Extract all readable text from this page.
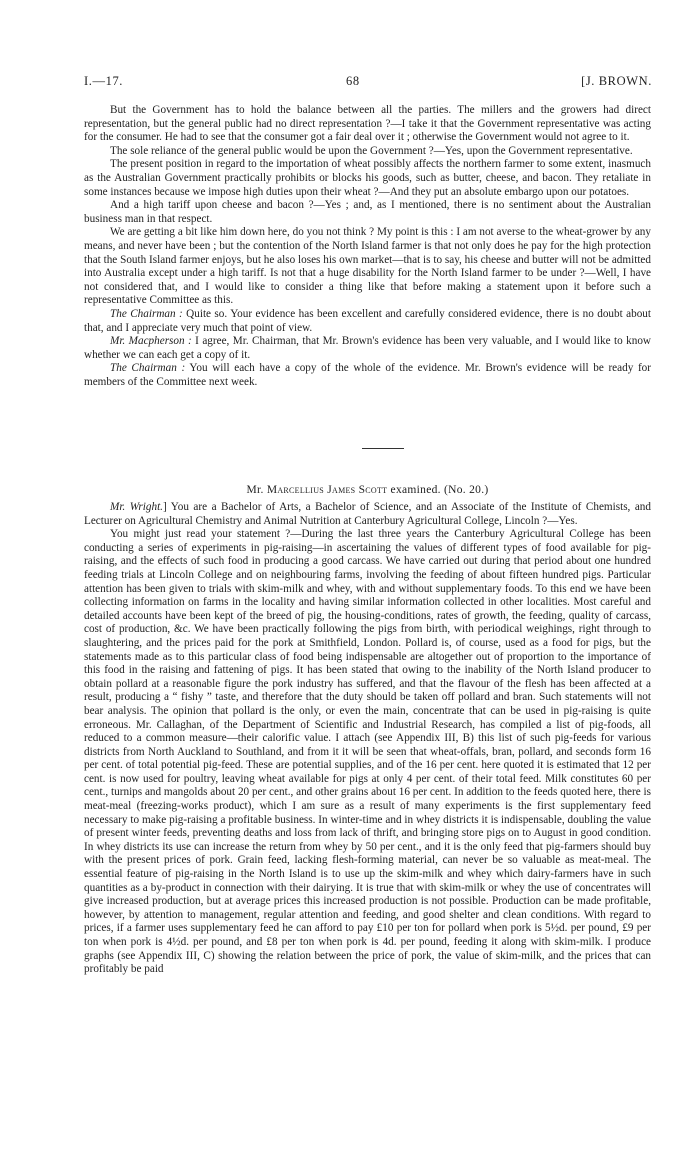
I.—17.	68	[J. BROWN.

But the Government has to hold the balance between all the parties. The millers and the growers had direct representation, but the general public had no direct representation ?—I take it that the Government representative was acting for the consumer. He had to see that the consumer got a fair deal over it ; otherwise the Government would not agree to it.

The sole reliance of the general public would be upon the Government ?—Yes, upon the Government representative.

The present position in regard to the importation of wheat possibly affects the northern farmer to some extent, inasmuch as the Australian Government practically prohibits or blocks his goods, such as butter, cheese, and bacon. They retaliate in some instances because we impose high duties upon their wheat ?—And they put an absolute embargo upon our potatoes.

And a high tariff upon cheese and bacon ?—Yes ; and, as I mentioned, there is no sentiment about the Australian business man in that respect.

We are getting a bit like him down here, do you not think ? My point is this : I am not averse to the wheat-grower by any means, and never have been ; but the contention of the North Island farmer is that not only does he pay for the high protection that the South Island farmer enjoys, but he also loses his own market—that is to say, his cheese and butter will not be admitted into Australia except under a high tariff. Is not that a huge disability for the North Island farmer to be under ?—Well, I have not considered that, and I would like to consider a thing like that before making a statement upon it before such a representative Committee as this.

The Chairman : Quite so. Your evidence has been excellent and carefully considered evidence, there is no doubt about that, and I appreciate very much that point of view.

Mr. Macpherson : I agree, Mr. Chairman, that Mr. Brown's evidence has been very valuable, and I would like to know whether we can each get a copy of it.

The Chairman : You will each have a copy of the whole of the evidence. Mr. Brown's evidence will be ready for members of the Committee next week.

Mr. Marcellius James Scott examined. (No. 20.)

Mr. Wright.] You are a Bachelor of Arts, a Bachelor of Science, and an Associate of the Institute of Chemists, and Lecturer on Agricultural Chemistry and Animal Nutrition at Canterbury Agricultural College, Lincoln ?—Yes.

You might just read your statement ?—During the last three years the Canterbury Agricultural College has been conducting a series of experiments in pig-raising—in ascertaining the values of different types of food available for pig-raising, and the effects of such food in producing a good carcass. We have carried out during that period about one hundred feeding trials at Lincoln College and on neighbouring farms, involving the feeding of about fifteen hundred pigs. Particular attention has been given to trials with skim-milk and whey, with and without supplementary foods. To this end we have been collecting information on farms in the locality and having similar information collected in other localities. Most careful and detailed accounts have been kept of the breed of pig, the housing-conditions, rates of growth, the feeding, quality of carcass, cost of production, &c. We have been practically following the pigs from birth, with periodical weighings, right through to slaughtering, and the prices paid for the pork at Smithfield, London. Pollard is, of course, used as a food for pigs, but the statements made as to this particular class of food being indispensable are altogether out of proportion to the importance of this food in the raising and fattening of pigs. It has been stated that owing to the inability of the North Island producer to obtain pollard at a reasonable figure the pork industry has suffered, and that the flavour of the flesh has been affected at a result, producing a “ fishy ” taste, and therefore that the duty should be taken off pollard and bran. Such statements will not bear analysis. The opinion that pollard is the only, or even the main, concentrate that can be used in pig-raising is quite erroneous. Mr. Callaghan, of the Department of Scientific and Industrial Research, has compiled a list of pig-foods, all reduced to a common measure—their calorific value. I attach (see Appendix III, B) this list of such pig-feeds for various districts from North Auckland to Southland, and from it it will be seen that wheat-offals, bran, pollard, and seconds form 16 per cent. of total potential pig-feed. These are potential supplies, and of the 16 per cent. here quoted it is estimated that 12 per cent. is now used for poultry, leaving wheat available for pigs at only 4 per cent. of their total feed. Milk constitutes 60 per cent., turnips and mangolds about 20 per cent., and other grains about 16 per cent. In addition to the feeds quoted here, there is meat-meal (freezing-works product), which I am sure as a result of many experiments is the first supplementary feed necessary to make pig-raising a profitable business. In winter-time and in whey districts it is indispensable, doubling the value of present winter feeds, preventing deaths and loss from lack of thrift, and bringing store pigs on to August in good condition. In whey districts its use can increase the return from whey by 50 per cent., and it is the only feed that pig-farmers should buy with the present prices of pork. Grain feed, lacking flesh-forming material, can never be so valuable as meat-meal. The essential feature of pig-raising in the North Island is to use up the skim-milk and whey which dairy-farmers have in such quantities as a by-product in connection with their dairying. It is true that with skim-milk or whey the use of concentrates will give increased production, but at average prices this increased production is not possible. Production can be made profitable, however, by attention to management, regular attention and feeding, and good shelter and clean conditions. With regard to prices, if a farmer uses supplementary feed he can afford to pay £10 per ton for pollard when pork is 5½d. per pound, £9 per ton when pork is 4½d. per pound, and £8 per ton when pork is 4d. per pound, feeding it along with skim-milk. I produce graphs (see Appendix III, C) showing the relation between the price of pork, the value of skim-milk, and the prices that can profitably be paid
